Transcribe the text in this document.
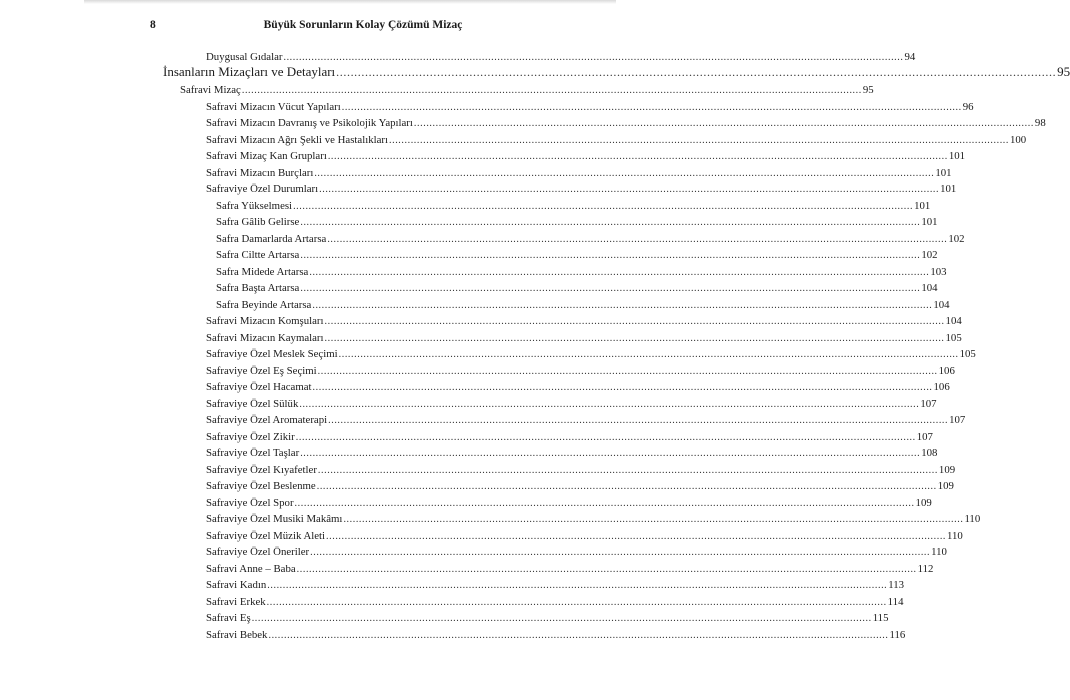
8	Büyük Sorunların Kolay Çözümü Mizaç
Duygusal Gıdalar ........................................................................................................................................................................................................ 94
İnsanların Mizaçları ve Detayları ........................................................................................................................................................................................................ 95
Safravi Mizaç ........................................................................................................................................................................................................ 95
Safravi Mizacın Vücut Yapıları ........................................................................................................................................................................................................ 96
Safravi Mizacın Davranış ve Psikolojik Yapıları ........................................................................................................................................................................................................ 98
Safravi Mizacın Ağrı Şekli ve Hastalıkları ........................................................................................................................................................................................................ 100
Safravi Mizaç Kan Grupları ........................................................................................................................................................................................................ 101
Safravi Mizacın Burçları ........................................................................................................................................................................................................ 101
Safraviye Özel Durumları ........................................................................................................................................................................................................ 101
Safra Yükselmesi ........................................................................................................................................................................................................ 101
Safra Gâlib Gelirse ........................................................................................................................................................................................................ 101
Safra Damarlarda Artarsa ........................................................................................................................................................................................................ 102
Safra Ciltte Artarsa ........................................................................................................................................................................................................ 102
Safra Midede Artarsa ........................................................................................................................................................................................................ 103
Safra Başta Artarsa ........................................................................................................................................................................................................ 104
Safra Beyinde Artarsa ........................................................................................................................................................................................................ 104
Safravi Mizacın Komşuları ........................................................................................................................................................................................................ 104
Safravi Mizacın Kaymaları ........................................................................................................................................................................................................ 105
Safraviye Özel Meslek Seçimi ........................................................................................................................................................................................................ 105
Safraviye Özel Eş Seçimi ........................................................................................................................................................................................................ 106
Safraviye Özel Hacamat ........................................................................................................................................................................................................ 106
Safraviye Özel Sülük ........................................................................................................................................................................................................ 107
Safraviye Özel Aromaterapi ........................................................................................................................................................................................................ 107
Safraviye Özel Zikir ........................................................................................................................................................................................................ 107
Safraviye Özel Taşlar ........................................................................................................................................................................................................ 108
Safraviye Özel Kıyafetler ........................................................................................................................................................................................................ 109
Safraviye Özel Beslenme ........................................................................................................................................................................................................ 109
Safraviye Özel Spor ........................................................................................................................................................................................................ 109
Safraviye Özel Musiki Makâmı ........................................................................................................................................................................................................ 110
Safraviye Özel Müzik Aleti ........................................................................................................................................................................................................ 110
Safraviye Özel Öneriler ........................................................................................................................................................................................................ 110
Safravi Anne – Baba ........................................................................................................................................................................................................ 112
Safravi Kadın ........................................................................................................................................................................................................ 113
Safravi Erkek ........................................................................................................................................................................................................ 114
Safravi Eş ........................................................................................................................................................................................................ 115
Safravi Bebek ........................................................................................................................................................................................................ 116
